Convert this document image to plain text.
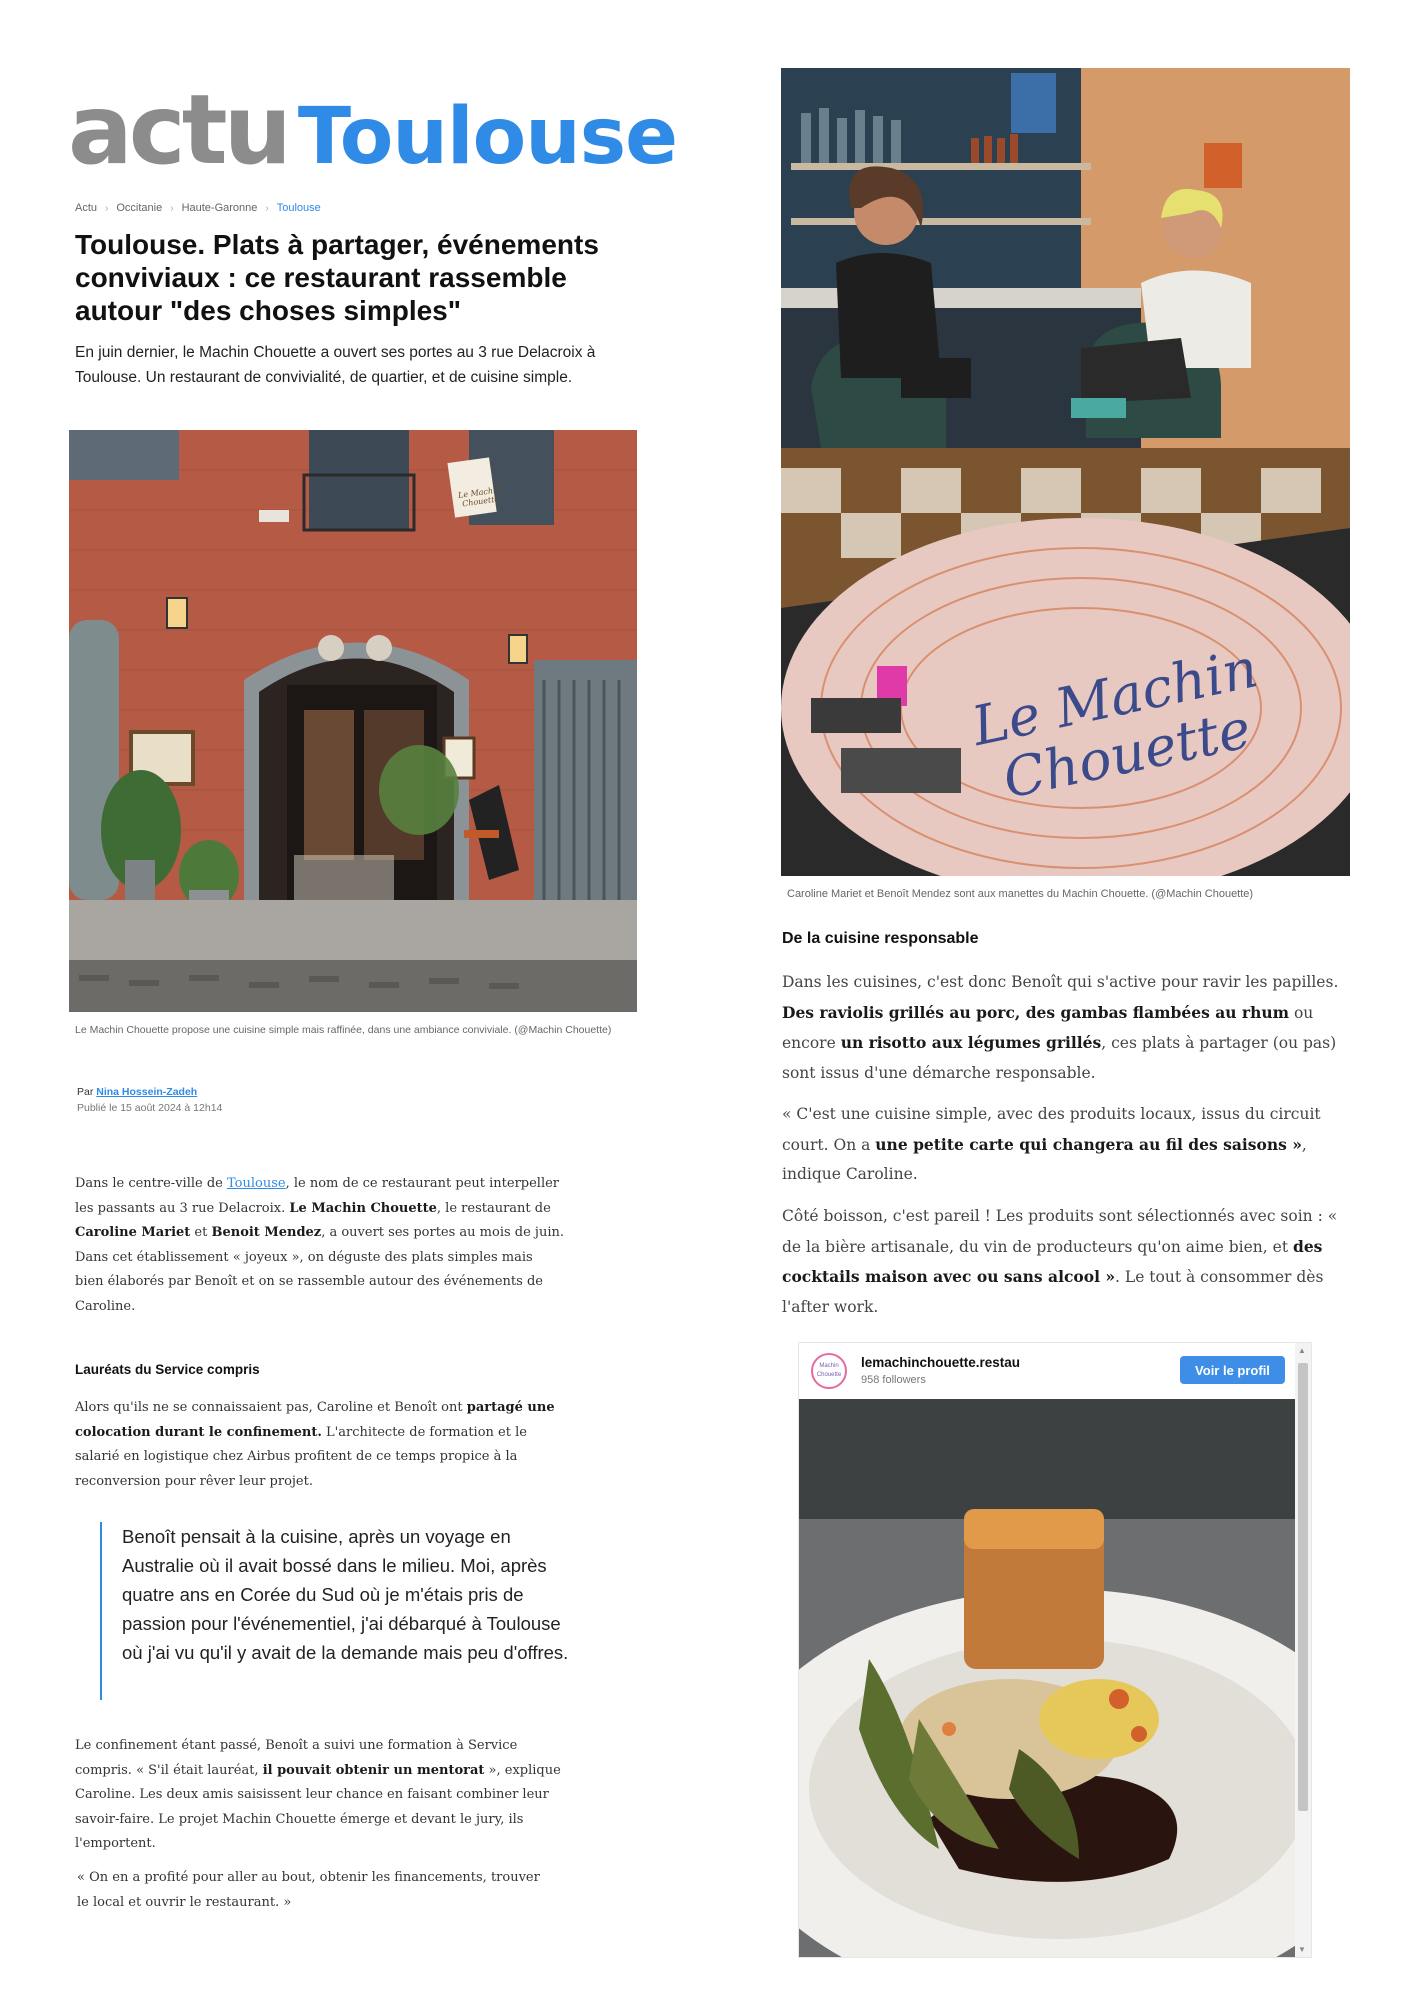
actu Toulouse
Actu › Occitanie › Haute-Garonne › Toulouse
Toulouse. Plats à partager, événements conviviaux : ce restaurant rassemble autour "des choses simples"

En juin dernier, le Machin Chouette a ouvert ses portes au 3 rue Delacroix à Toulouse. Un restaurant de convivialité, de quartier, et de cuisine simple.

Le Machin Chouette
Le Machin Chouette propose une cuisine simple mais raffinée, dans une ambiance conviviale. (@Machin Chouette)
Par Nina Hossein-Zadeh
Publié le 15 août 2024 à 12h14

Dans le centre-ville de Toulouse, le nom de ce restaurant peut interpeller les passants au 3 rue Delacroix. Le Machin Chouette, le restaurant de Caroline Mariet et Benoit Mendez, a ouvert ses portes au mois de juin. Dans cet établissement « joyeux », on déguste des plats simples mais bien élaborés par Benoît et on se rassemble autour des événements de Caroline.

Lauréats du Service compris

Alors qu'ils ne se connaissaient pas, Caroline et Benoît ont partagé une colocation durant le confinement. L'architecte de formation et le salarié en logistique chez Airbus profitent de ce temps propice à la reconversion pour rêver leur projet.

Benoît pensait à la cuisine, après un voyage en Australie où il avait bossé dans le milieu. Moi, après quatre ans en Corée du Sud où je m'étais pris de passion pour l'événementiel, j'ai débarqué à Toulouse où j'ai vu qu'il y avait de la demande mais peu d'offres.

Le confinement étant passé, Benoît a suivi une formation à Service compris. « S'il était lauréat, il pouvait obtenir un mentorat », explique Caroline. Les deux amis saisissent leur chance en faisant combiner leur savoir-faire. Le projet Machin Chouette émerge et devant le jury, ils l'emportent.

« On en a profité pour aller au bout, obtenir les financements, trouver le local et ouvrir le restaurant. »

Le Machin Chouette
Caroline Mariet et Benoît Mendez sont aux manettes du Machin Chouette. (@Machin Chouette)
De la cuisine responsable

Dans les cuisines, c'est donc Benoît qui s'active pour ravir les papilles. Des raviolis grillés au porc, des gambas flambées au rhum ou encore un risotto aux légumes grillés, ces plats à partager (ou pas) sont issus d'une démarche responsable.

« C'est une cuisine simple, avec des produits locaux, issus du circuit court. On a une petite carte qui changera au fil des saisons », indique Caroline.

Côté boisson, c'est pareil ! Les produits sont sélectionnés avec soin : « de la bière artisanale, du vin de producteurs qu'on aime bien, et des cocktails maison avec ou sans alcool ». Le tout à consommer dès l'after work.

Machin Chouette
lemachinchouette.restau
958 followers
Voir le profil
▲
▼
